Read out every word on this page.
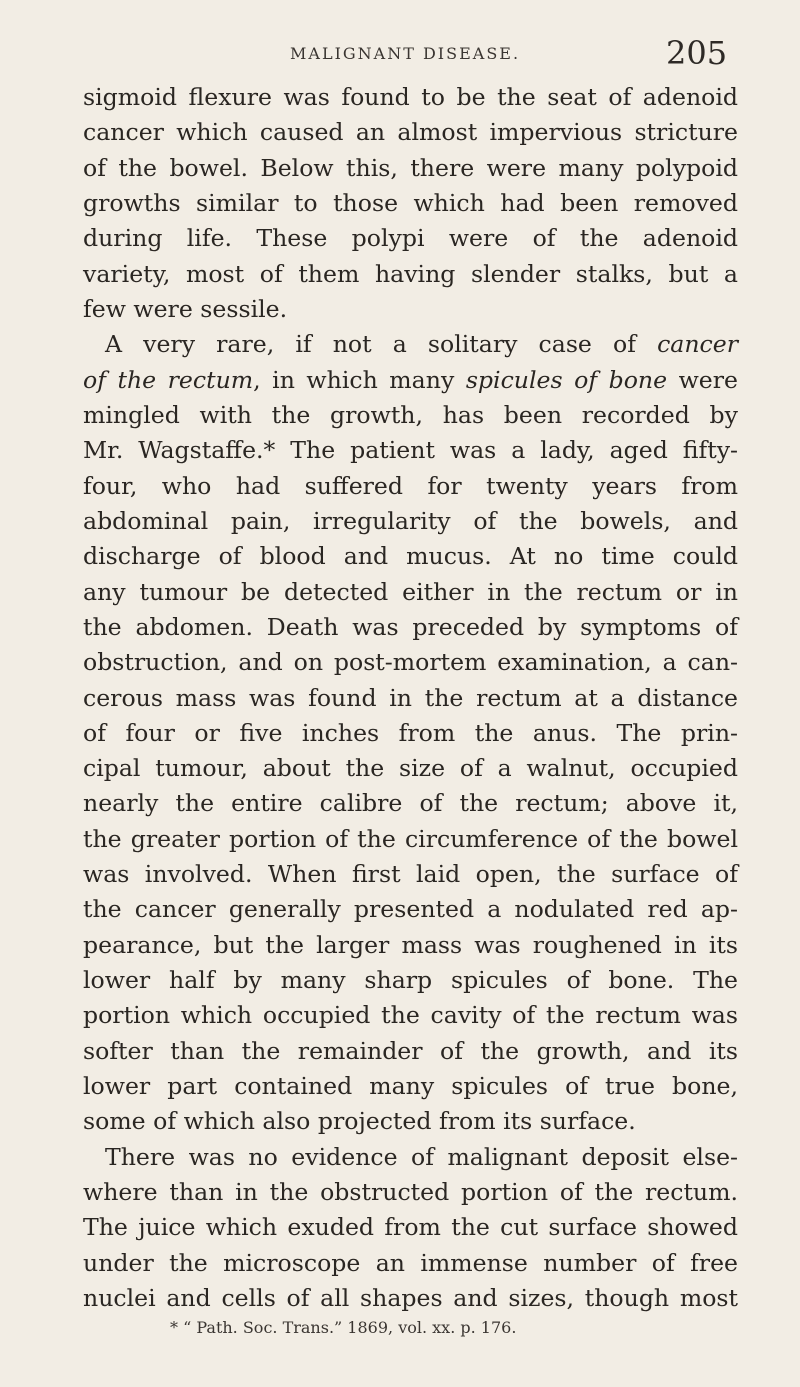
MALIGNANT DISEASE.	205
sigmoid flexure was found to be the seat of adenoid
cancer which caused an almost impervious stricture
of the bowel. Below this, there were many polypoid
growths similar to those which had been removed
during life. These polypi were of the adenoid
variety, most of them having slender stalks, but a
few were sessile.
A very rare, if not a solitary case of cancer
of the rectum, in which many spicules of bone were
mingled with the growth, has been recorded by
Mr. Wagstaffe.* The patient was a lady, aged fifty-
four, who had suffered for twenty years from
abdominal pain, irregularity of the bowels, and
discharge of blood and mucus. At no time could
any tumour be detected either in the rectum or in
the abdomen. Death was preceded by symptoms of
obstruction, and on post-mortem examination, a can-
cerous mass was found in the rectum at a distance
of four or five inches from the anus. The prin-
cipal tumour, about the size of a walnut, occupied
nearly the entire calibre of the rectum; above it,
the greater portion of the circumference of the bowel
was involved. When first laid open, the surface of
the cancer generally presented a nodulated red ap-
pearance, but the larger mass was roughened in its
lower half by many sharp spicules of bone. The
portion which occupied the cavity of the rectum was
softer than the remainder of the growth, and its
lower part contained many spicules of true bone,
some of which also projected from its surface.
There was no evidence of malignant deposit else-
where than in the obstructed portion of the rectum.
The juice which exuded from the cut surface showed
under the microscope an immense number of free
nuclei and cells of all shapes and sizes, though most
* “ Path. Soc. Trans.” 1869, vol. xx. p. 176.
